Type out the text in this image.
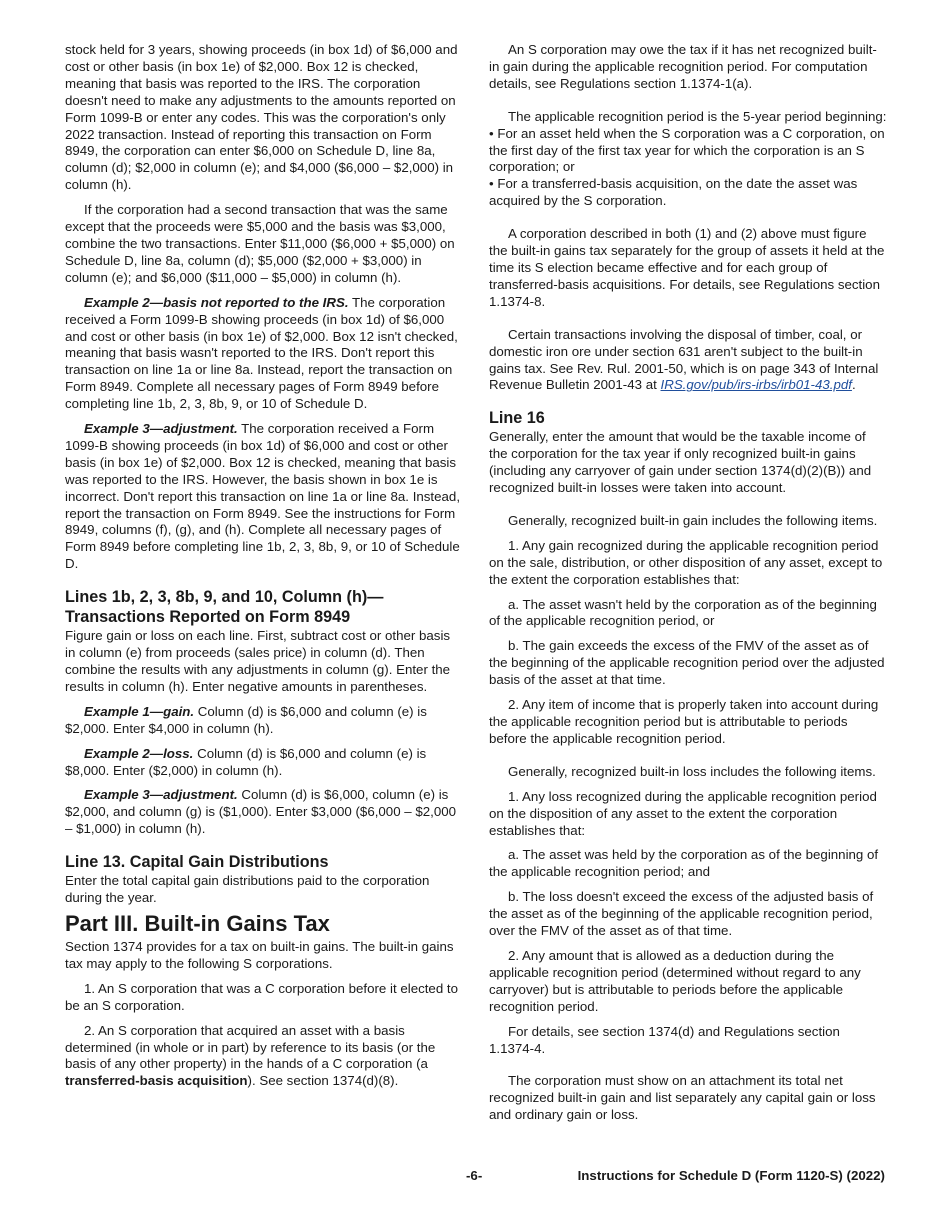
stock held for 3 years, showing proceeds (in box 1d) of $6,000 and cost or other basis (in box 1e) of $2,000. Box 12 is checked, meaning that basis was reported to the IRS. The corporation doesn't need to make any adjustments to the amounts reported on Form 1099-B or enter any codes. This was the corporation's only 2022 transaction. Instead of reporting this transaction on Form 8949, the corporation can enter $6,000 on Schedule D, line 8a, column (d); $2,000 in column (e); and $4,000 ($6,000 – $2,000) in column (h).

If the corporation had a second transaction that was the same except that the proceeds were $5,000 and the basis was $3,000, combine the two transactions. Enter $11,000 ($6,000 + $5,000) on Schedule D, line 8a, column (d); $5,000 ($2,000 + $3,000) in column (e); and $6,000 ($11,000 – $5,000) in column (h).

Example 2—basis not reported to the IRS. The corporation received a Form 1099-B showing proceeds (in box 1d) of $6,000 and cost or other basis (in box 1e) of $2,000. Box 12 isn't checked, meaning that basis wasn't reported to the IRS. Don't report this transaction on line 1a or line 8a. Instead, report the transaction on Form 8949. Complete all necessary pages of Form 8949 before completing line 1b, 2, 3, 8b, 9, or 10 of Schedule D.

Example 3—adjustment. The corporation received a Form 1099-B showing proceeds (in box 1d) of $6,000 and cost or other basis (in box 1e) of $2,000. Box 12 is checked, meaning that basis was reported to the IRS. However, the basis shown in box 1e is incorrect. Don't report this transaction on line 1a or line 8a. Instead, report the transaction on Form 8949. See the instructions for Form 8949, columns (f), (g), and (h). Complete all necessary pages of Form 8949 before completing line 1b, 2, 3, 8b, 9, or 10 of Schedule D.

Lines 1b, 2, 3, 8b, 9, and 10, Column (h)—Transactions Reported on Form 8949

Figure gain or loss on each line. First, subtract cost or other basis in column (e) from proceeds (sales price) in column (d). Then combine the results with any adjustments in column (g). Enter the results in column (h). Enter negative amounts in parentheses.

Example 1—gain. Column (d) is $6,000 and column (e) is $2,000. Enter $4,000 in column (h).

Example 2—loss. Column (d) is $6,000 and column (e) is $8,000. Enter ($2,000) in column (h).

Example 3—adjustment. Column (d) is $6,000, column (e) is $2,000, and column (g) is ($1,000). Enter $3,000 ($6,000 – $2,000 – $1,000) in column (h).

Line 13. Capital Gain Distributions

Enter the total capital gain distributions paid to the corporation during the year.

Part III. Built-in Gains Tax

Section 1374 provides for a tax on built-in gains. The built-in gains tax may apply to the following S corporations.

1. An S corporation that was a C corporation before it elected to be an S corporation.

2. An S corporation that acquired an asset with a basis determined (in whole or in part) by reference to its basis (or the basis of any other property) in the hands of a C corporation (a transferred-basis acquisition). See section 1374(d)(8).

An S corporation may owe the tax if it has net recognized built-in gain during the applicable recognition period. For computation details, see Regulations section 1.1374-1(a).

The applicable recognition period is the 5-year period beginning:

• For an asset held when the S corporation was a C corporation, on the first day of the first tax year for which the corporation is an S corporation; or

• For a transferred-basis acquisition, on the date the asset was acquired by the S corporation.

A corporation described in both (1) and (2) above must figure the built-in gains tax separately for the group of assets it held at the time its S election became effective and for each group of transferred-basis acquisitions. For details, see Regulations section 1.1374-8.

Certain transactions involving the disposal of timber, coal, or domestic iron ore under section 631 aren't subject to the built-in gains tax. See Rev. Rul. 2001-50, which is on page 343 of Internal Revenue Bulletin 2001-43 at IRS.gov/pub/irs-irbs/irb01-43.pdf.

Line 16

Generally, enter the amount that would be the taxable income of the corporation for the tax year if only recognized built-in gains (including any carryover of gain under section 1374(d)(2)(B)) and recognized built-in losses were taken into account.

Generally, recognized built-in gain includes the following items.

1. Any gain recognized during the applicable recognition period on the sale, distribution, or other disposition of any asset, except to the extent the corporation establishes that:

a. The asset wasn't held by the corporation as of the beginning of the applicable recognition period, or

b. The gain exceeds the excess of the FMV of the asset as of the beginning of the applicable recognition period over the adjusted basis of the asset at that time.

2. Any item of income that is properly taken into account during the applicable recognition period but is attributable to periods before the applicable recognition period.

Generally, recognized built-in loss includes the following items.

1. Any loss recognized during the applicable recognition period on the disposition of any asset to the extent the corporation establishes that:

a. The asset was held by the corporation as of the beginning of the applicable recognition period; and

b. The loss doesn't exceed the excess of the adjusted basis of the asset as of the beginning of the applicable recognition period, over the FMV of the asset as of that time.

2. Any amount that is allowed as a deduction during the applicable recognition period (determined without regard to any carryover) but is attributable to periods before the applicable recognition period.

For details, see section 1374(d) and Regulations section 1.1374-4.

The corporation must show on an attachment its total net recognized built-in gain and list separately any capital gain or loss and ordinary gain or loss.

-6-	Instructions for Schedule D (Form 1120-S) (2022)
